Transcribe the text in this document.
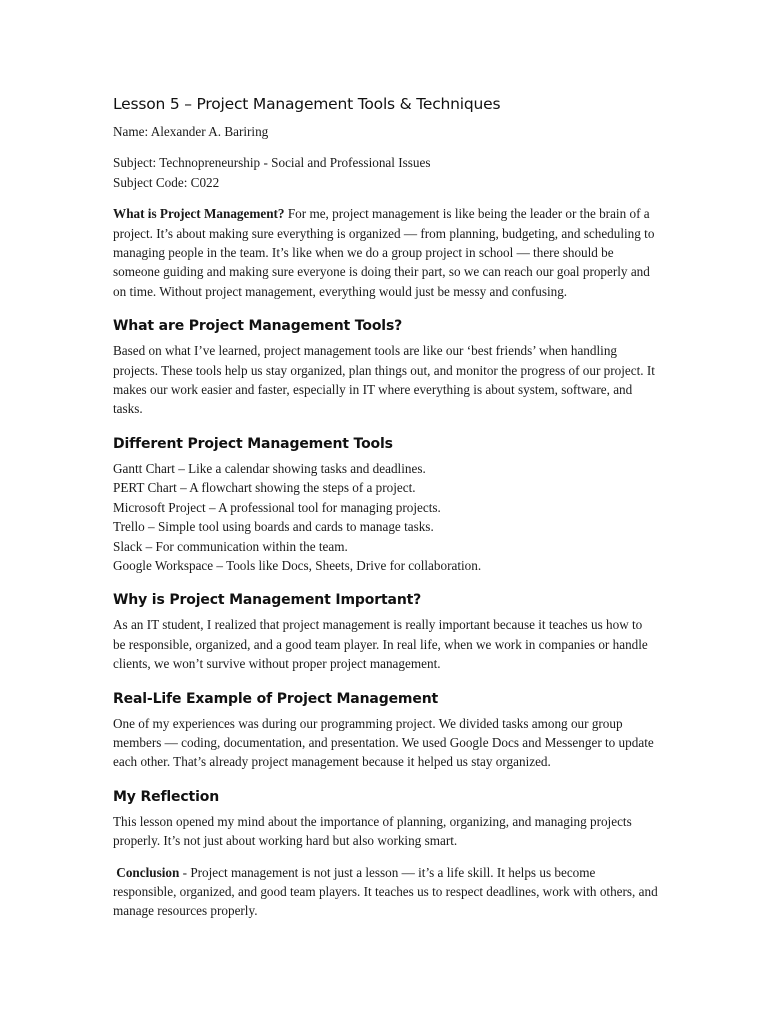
Lesson 5 – Project Management Tools & Techniques

Name: Alexander A. Bariring

Subject: Technopreneurship - Social and Professional Issues

Subject Code: C022

What is Project Management? For me, project management is like being the leader or the brain of a project. It’s about making sure everything is organized — from planning, budgeting, and scheduling to managing people in the team. It’s like when we do a group project in school — there should be someone guiding and making sure everyone is doing their part, so we can reach our goal properly and on time. Without project management, everything would just be messy and confusing.

What are Project Management Tools?

Based on what I’ve learned, project management tools are like our ‘best friends’ when handling projects. These tools help us stay organized, plan things out, and monitor the progress of our project. It makes our work easier and faster, especially in IT where everything is about system, software, and tasks.

Different Project Management Tools

Gantt Chart – Like a calendar showing tasks and deadlines.

PERT Chart – A flowchart showing the steps of a project.

Microsoft Project – A professional tool for managing projects.

Trello – Simple tool using boards and cards to manage tasks.

Slack – For communication within the team.

Google Workspace – Tools like Docs, Sheets, Drive for collaboration.

Why is Project Management Important?

As an IT student, I realized that project management is really important because it teaches us how to be responsible, organized, and a good team player. In real life, when we work in companies or handle clients, we won’t survive without proper project management.

Real-Life Example of Project Management

One of my experiences was during our programming project. We divided tasks among our group members — coding, documentation, and presentation. We used Google Docs and Messenger to update each other. That’s already project management because it helped us stay organized.

My Reflection

This lesson opened my mind about the importance of planning, organizing, and managing projects properly. It’s not just about working hard but also working smart.

Conclusion - Project management is not just a lesson — it’s a life skill. It helps us become responsible, organized, and good team players. It teaches us to respect deadlines, work with others, and manage resources properly.
